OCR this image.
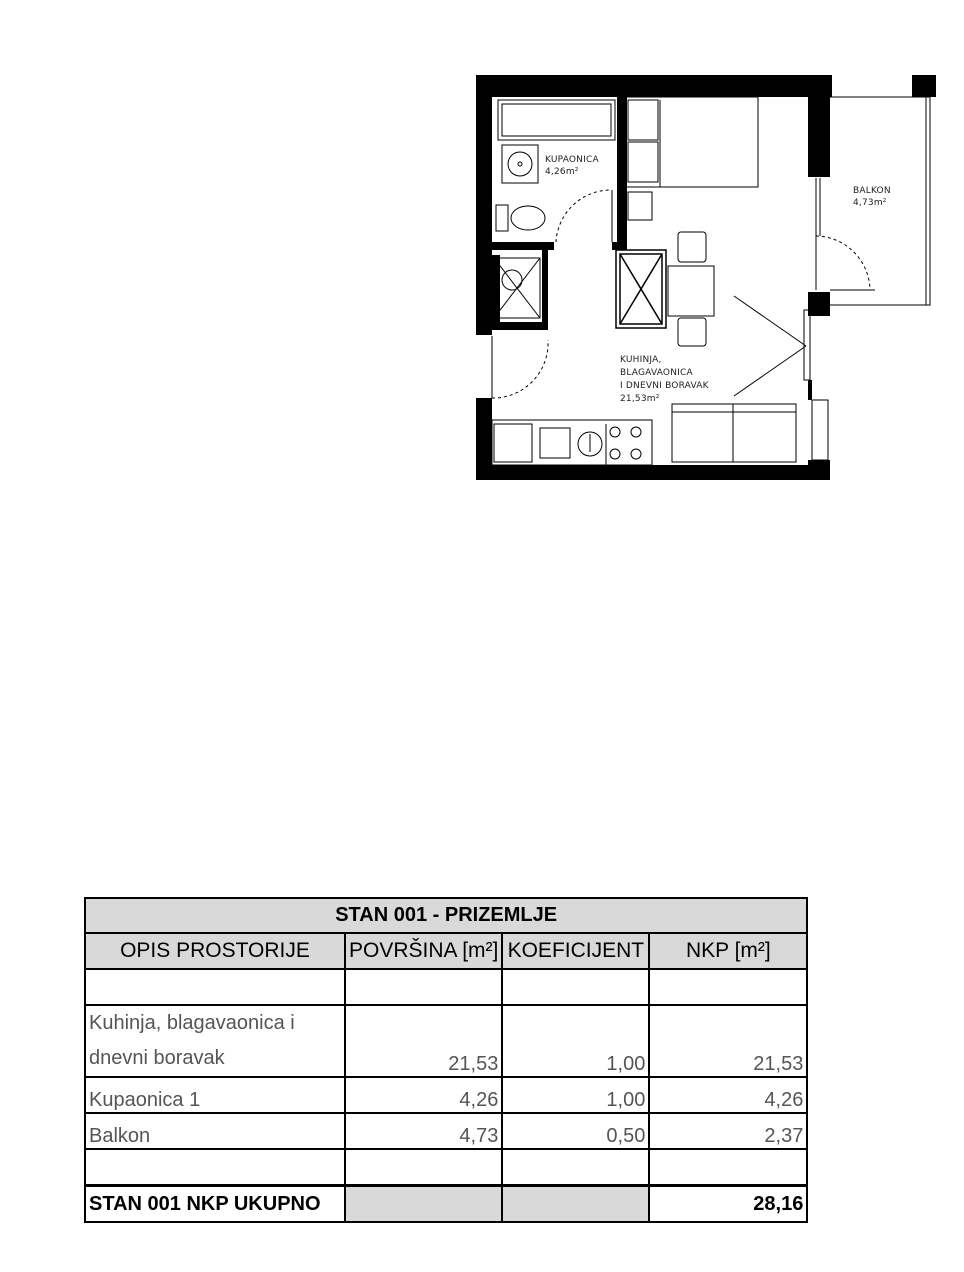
KUPAONICA
4,26m²
BALKON
4,73m²
KUHINJA,
BLAGAVAONICA
I DNEVNI BORAVAK
21,53m²
STAN 001 - PRIZEMLJE			
OPIS PROSTORIJE	POVRŠINA [m²]	KOEFICIJENT	NKP [m²]

Kuhinja, blagavaonica i dnevni boravak	21,53	1,00	21,53
Kupaonica 1	4,26	1,00	4,26
Balkon	4,73	0,50	2,37

STAN 001 NKP UKUPNO			28,16
